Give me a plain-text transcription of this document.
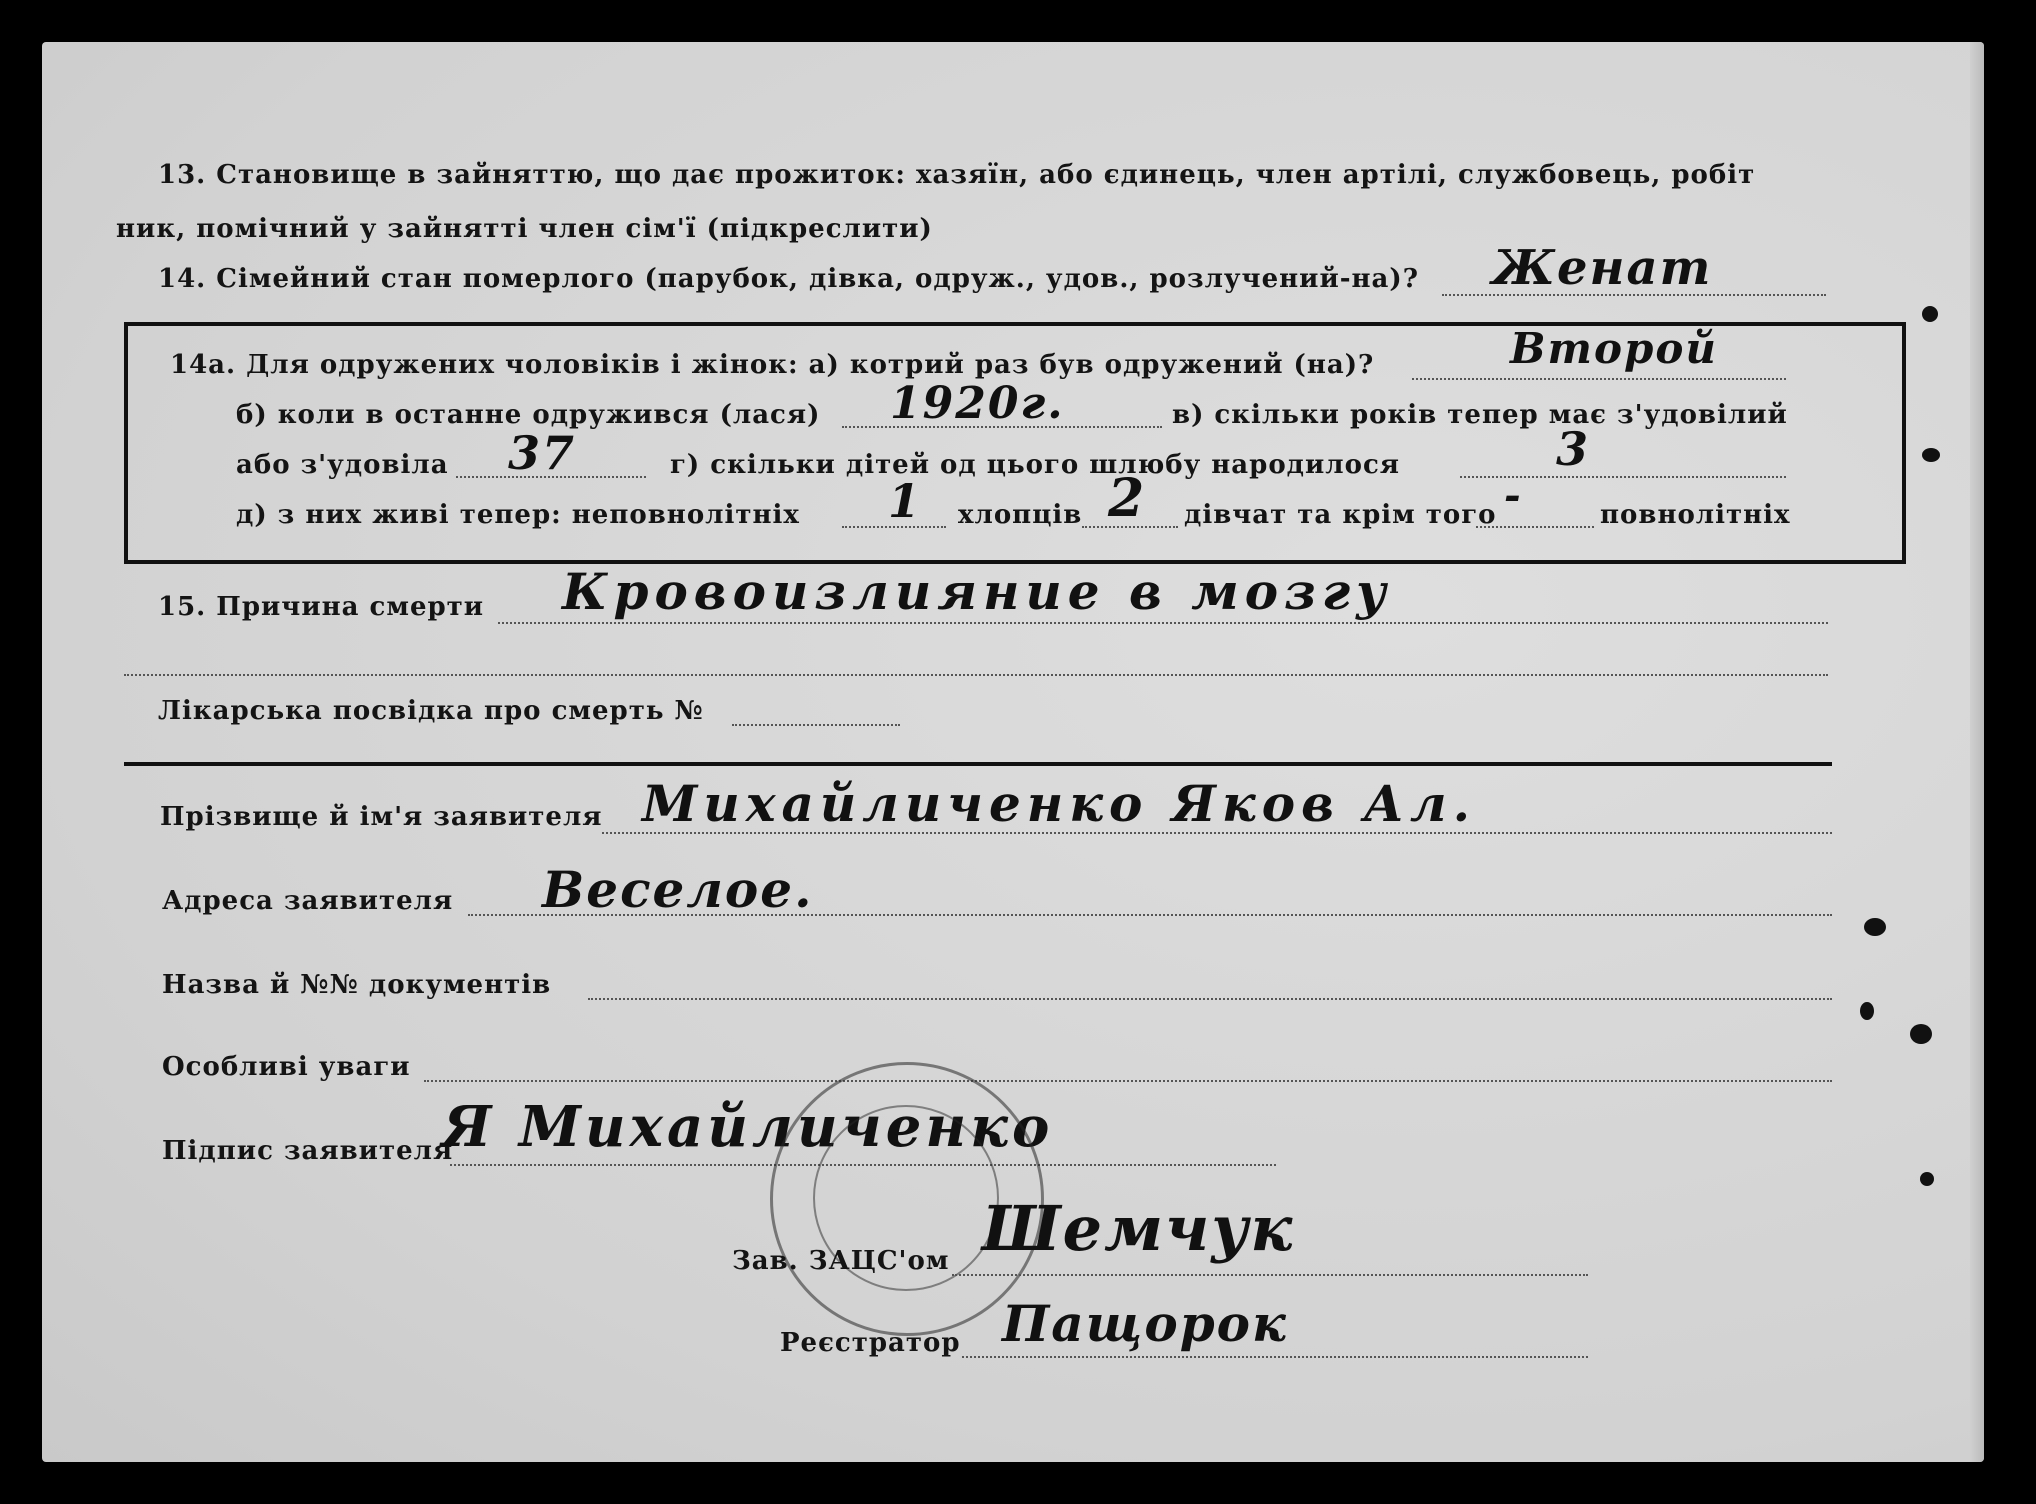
13. Становище в зайняттю, що дає прожиток: хазяїн, або єдинець, член артілі, службовець, робіт
ник, помічний у зайнятті член сім'ї (підкреслити)
14. Сімейний стан померлого (парубок, дівка, одруж., удов., розлучений-на)? Женат
14а. Для одружених чоловіків і жінок: а) котрий раз був одружений (на)?	Второй
б) коли в останне одружився (лася) 1920г.	в) скільки років тепер має з'удовілий
або з'удовіла 37	г) скільки дітей од цього шлюбу народилося	3
д) з них живі тепер: неповнолітніх 1 хлопців 2 дівчат та крім того -	повнолітніх
15. Причина смерти Кровоизлияние в мозгу
Лікарська посвідка про смерть №
Прізвище й ім'я заявителя Михайличенко Яков Ал.
Адреса заявителя Веселое.
Назва й №№ документів
Особливі уваги
Підпис заявителя
Я Михайличенко
Зав. ЗАЦС'ом Шемчук
Реєстратор Пащорок
